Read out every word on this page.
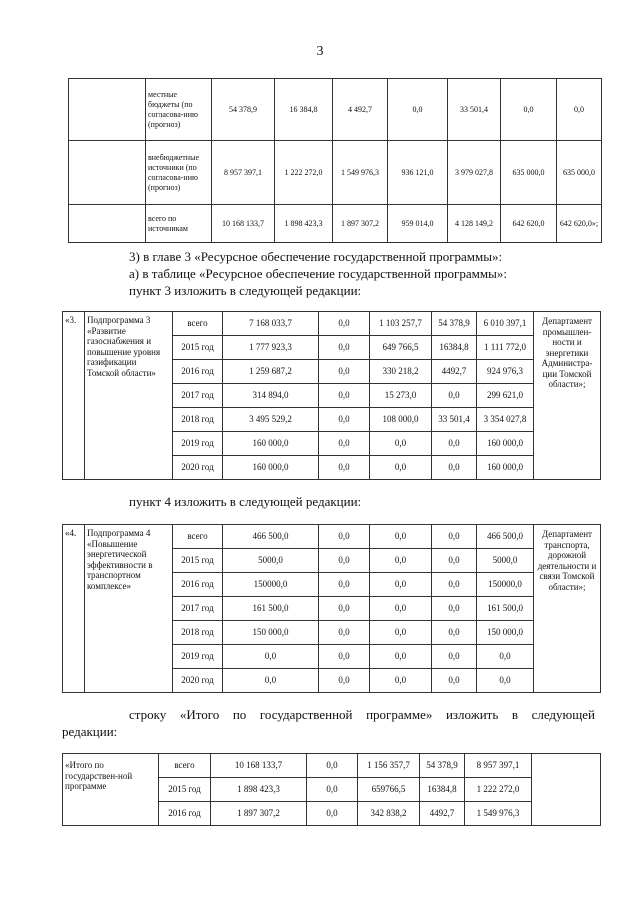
3
	местные бюджеты (по согласова-нию (прогноз)	54 378,9	16 384,8	4 492,7	0,0	33 501,4	0,0	0,0
	внебюджетные источники (по согласова-нию (прогноз)	8 957 397,1	1 222 272,0	1 549 976,3	936 121,0	3 979 027,8	635 000,0	635 000,0
	всего по источникам	10 168 133,7	1 898 423,3	1 897 307,2	959 014,0	4 128 149,2	642 620,0	642 620,0»;
3) в главе 3 «Ресурсное обеспечение государственной программы»:
а) в таблице «Ресурсное обеспечение государственной программы»:
пункт 3 изложить в следующей редакции:
«3.	Подпрограмма 3 «Развитие газоснабжения и повышение уровня газификации Томской области»	всего	7 168 033,7	0,0	1 103 257,7	54 378,9	6 010 397,1	Департамент промышлен-ности и энергетики Администра-ции Томской области»;
		2015 год	1 777 923,3	0,0	649 766,5	16384,8	1 111 772,0	
		2016 год	1 259 687,2	0,0	330 218,2	4492,7	924 976,3	
		2017 год	314 894,0	0,0	15 273,0	0,0	299 621,0	
		2018 год	3 495 529,2	0,0	108 000,0	33 501,4	3 354 027,8	
		2019 год	160 000,0	0,0	0,0	0,0	160 000,0	
		2020 год	160 000,0	0,0	0,0	0,0	160 000,0	
пункт 4 изложить в следующей редакции:
«4.	Подпрограмма 4 «Повышение энергетической эффективности в транспортном комплексе»	всего	466 500,0	0,0	0,0	0,0	466 500,0	Департамент транспорта, дорожной деятельности и связи Томской области»;
		2015 год	5000,0	0,0	0,0	0,0	5000,0	
		2016 год	150000,0	0,0	0,0	0,0	150000,0	
		2017 год	161 500,0	0,0	0,0	0,0	161 500,0	
		2018 год	150 000,0	0,0	0,0	0,0	150 000,0	
		2019 год	0,0	0,0	0,0	0,0	0,0	
		2020 год	0,0	0,0	0,0	0,0	0,0	
строку «Итого по государственной программе» изложить в следующей
редакции:
«Итого по государствен-ной программе	всего	10 168 133,7	0,0	1 156 357,7	54 378,9	8 957 397,1	
	2015 год	1 898 423,3	0,0	659766,5	16384,8	1 222 272,0	
	2016 год	1 897 307,2	0,0	342 838,2	4492,7	1 549 976,3	
